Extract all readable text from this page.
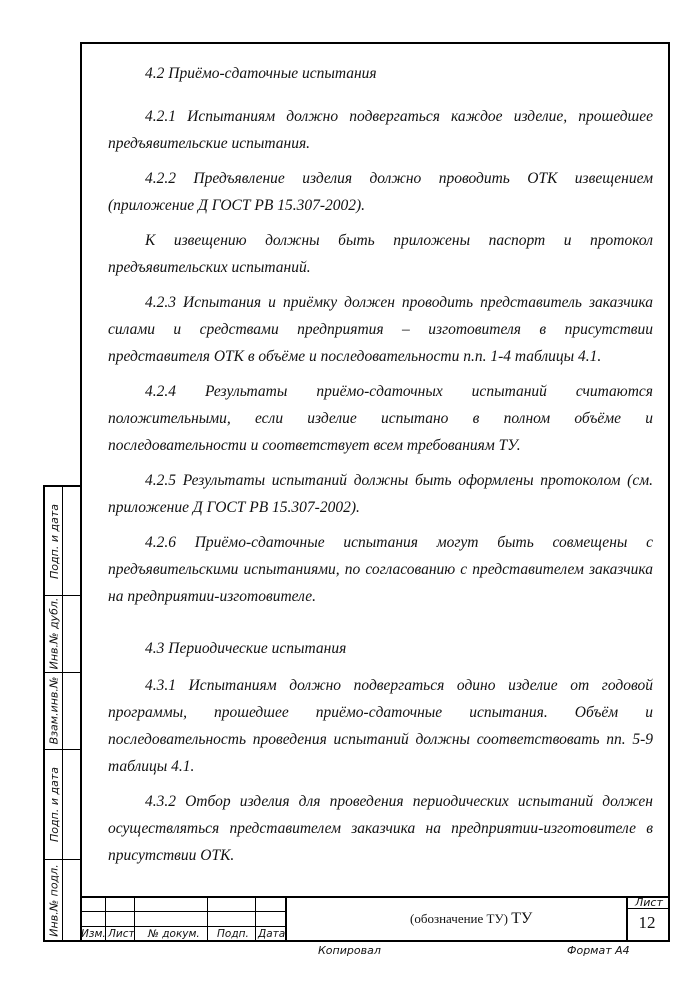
4.2 Приёмо-сдаточные испытания

4.2.1 Испытаниям должно подвергаться каждое изделие, прошедшее предъявительские испытания.

4.2.2 Предъявление изделия должно проводить ОТК извещением (приложение Д ГОСТ РВ 15.307-2002).

К извещению должны быть приложены паспорт и протокол предъявительских испытаний.

4.2.3 Испытания и приёмку должен проводить представитель заказчика силами и средствами предприятия – изготовителя в присутствии представителя ОТК в объёме и последовательности п.п. 1-4 таблицы 4.1.

4.2.4 Результаты приёмо-сдаточных испытаний считаются положительными, если изделие испытано в полном объёме и последовательности и соответствует всем требованиям ТУ.

4.2.5 Результаты испытаний должны быть оформлены протоколом (см. приложение Д ГОСТ РВ 15.307-2002).

4.2.6 Приёмо-сдаточные испытания могут быть совмещены с предъявительскими испытаниями, по согласованию с представителем заказчика на предприятии-изготовителе.

4.3 Периодические испытания

4.3.1 Испытаниям должно подвергаться одино изделие от годовой программы, прошедшее приёмо-сдаточные испытания. Объём и последовательность проведения испытаний должны соответствовать пп. 5-9 таблицы 4.1.

4.3.2 Отбор изделия для проведения периодических испытаний должен осуществляться представителем заказчика на предприятии-изготовителе в присутствии ОТК.

Подп. и дата
Инв.№ дубл.
Взам.инв.№
Подп. и дата
Инв.№ подл. Изм. Лист № докум. Подп. Дата
(обозначение ТУ) ТУ
Лист
12
Копировал	Формат А4
